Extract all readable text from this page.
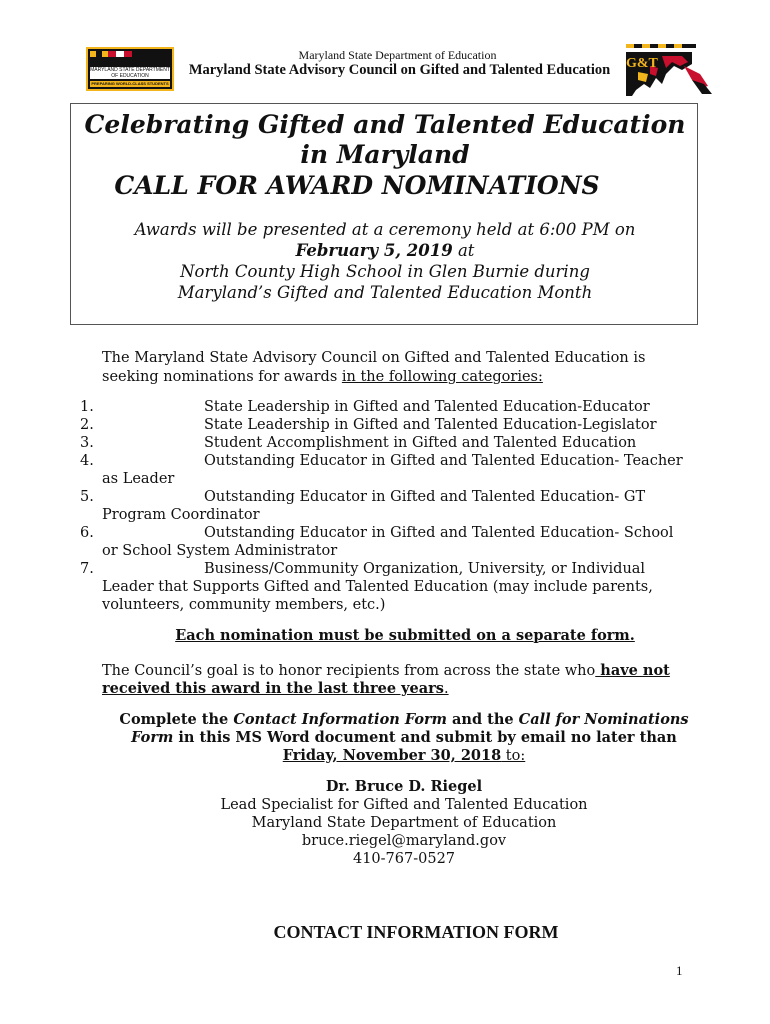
PREPARING WORLD-CLASS STUDENTS
MARYLAND STATE DEPARTMENT OF EDUCATION
Maryland State Department of Education
Maryland State Advisory Council on Gifted and Talented Education	G&T
Celebrating Gifted and Talented Education
in Maryland
CALL FOR AWARD NOMINATIONS
Awards will be presented at a ceremony held at 6:00 PM on
February 5, 2019 at
North County High School in Glen Burnie during
Maryland’s Gifted and Talented Education Month
The Maryland State Advisory Council on Gifted and Talented Education is
seeking nominations for awards in the following categories:
1.	State Leadership in Gifted and Talented Education-Educator
2.	State Leadership in Gifted and Talented Education-Legislator
3.	Student Accomplishment in Gifted and Talented Education
4.	Outstanding Educator in Gifted and Talented Education- Teacher
as Leader
5.	Outstanding Educator in Gifted and Talented Education- GT
Program Coordinator
6.	Outstanding Educator in Gifted and Talented Education- School
or School System Administrator
7.	Business/Community Organization, University, or Individual
Leader that Supports Gifted and Talented Education (may include parents,
volunteers, community members, etc.)
Each nomination must be submitted on a separate form.
The Council’s goal is to honor recipients from across the state who have not
received this award in the last three years.
Complete the Contact Information Form and the Call for Nominations
Form in this MS Word document and submit by email no later than
Friday, November 30, 2018 to:
Dr. Bruce D. Riegel
Lead Specialist for Gifted and Talented Education
Maryland State Department of Education
bruce.riegel@maryland.gov
410-767-0527
CONTACT INFORMATION FORM
1
